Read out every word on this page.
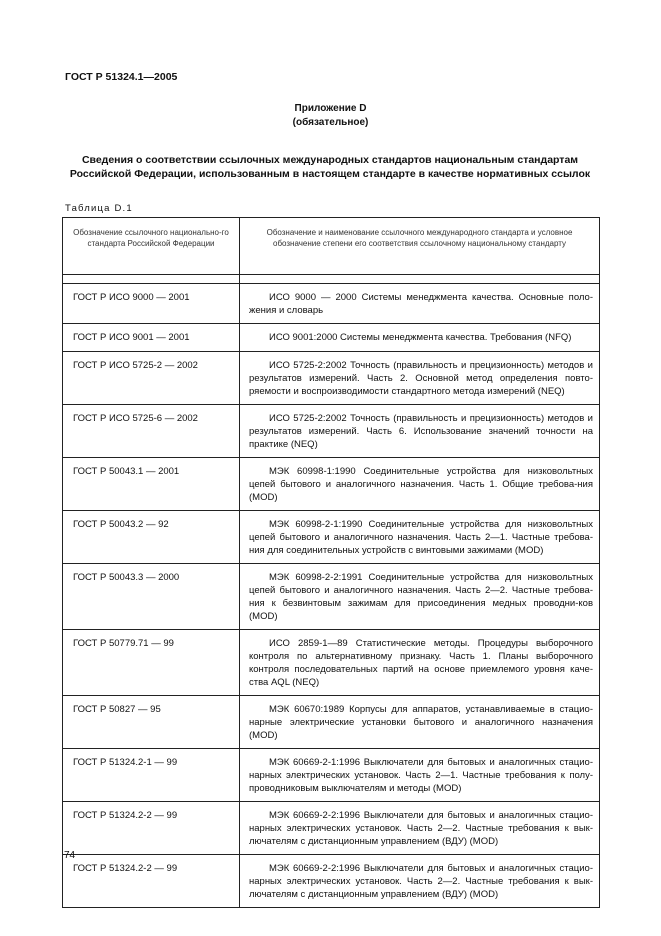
ГОСТ Р 51324.1—2005
Приложение D
(обязательное)
Сведения о соответствии ссылочных международных стандартов национальным стандартам Российской Федерации, использованным в настоящем стандарте в качестве нормативных ссылок
Таблица D.1
Обозначение ссылочного национально-го стандарта Российской Федерации	Обозначение и наименование ссылочного международного стандарта и условное обозначение степени его соответствия ссылочному национальному стандарту

ГОСТ Р ИСО 9000 — 2001	ИСО 9000 — 2000 Системы менеджмента качества. Основные поло-жения и словарь

ГОСТ Р ИСО 9001 — 2001	ИСО 9001:2000 Системы менеджмента качества. Требования (NFQ)

ГОСТ Р ИСО 5725-2 — 2002	ИСО 5725-2:2002 Точность (правильность и прецизионность) методов и результатов измерений. Часть 2. Основной метод определения повто-ряемости и воспроизводимости стандартного метода измерений (NEQ)

ГОСТ Р ИСО 5725-6 — 2002	ИСО 5725-2:2002 Точность (правильность и прецизионность) методов и результатов измерений. Часть 6. Использование значений точности на практике (NEQ)

ГОСТ Р 50043.1 — 2001	МЭК 60998-1:1990 Соединительные устройства для низковольтных цепей бытового и аналогичного назначения. Часть 1. Общие требова-ния (MOD)

ГОСТ Р 50043.2 — 92	МЭК 60998-2-1:1990 Соединительные устройства для низковольтных цепей бытового и аналогичного назначения. Часть 2—1. Частные требова-ния для соединительных устройств с винтовыми зажимами (MOD)

ГОСТ Р 50043.3 — 2000	МЭК 60998-2-2:1991 Соединительные устройства для низковольтных цепей бытового и аналогичного назначения. Часть 2—2. Частные требова-ния к безвинтовым зажимам для присоединения медных проводни-ков (MOD)

ГОСТ Р 50779.71 — 99	ИСО 2859-1—89 Статистические методы. Процедуры выборочного контроля по альтернативному признаку. Часть 1. Планы выборочного контроля последовательных партий на основе приемлемого уровня каче-ства AQL (NEQ)

ГОСТ Р 50827 — 95	МЭК 60670:1989 Корпусы для аппаратов, устанавливаемые в стацио-нарные электрические установки бытового и аналогичного назначения (MOD)

ГОСТ Р 51324.2-1 — 99	МЭК 60669-2-1:1996 Выключатели для бытовых и аналогичных стацио-нарных электрических установок. Часть 2—1. Частные требования к полу-проводниковым выключателям и методы (MOD)

ГОСТ Р 51324.2-2 — 99	МЭК 60669-2-2:1996 Выключатели для бытовых и аналогичных стацио-нарных электрических установок. Часть 2—2. Частные требования к вык-лючателям с дистанционным управлением (ВДУ) (MOD)

ГОСТ Р 51324.2-2 — 99	МЭК 60669-2-2:1996 Выключатели для бытовых и аналогичных стацио-нарных электрических установок. Часть 2—2. Частные требования к вык-лючателям с дистанционным управлением (ВДУ) (MOD)
74
